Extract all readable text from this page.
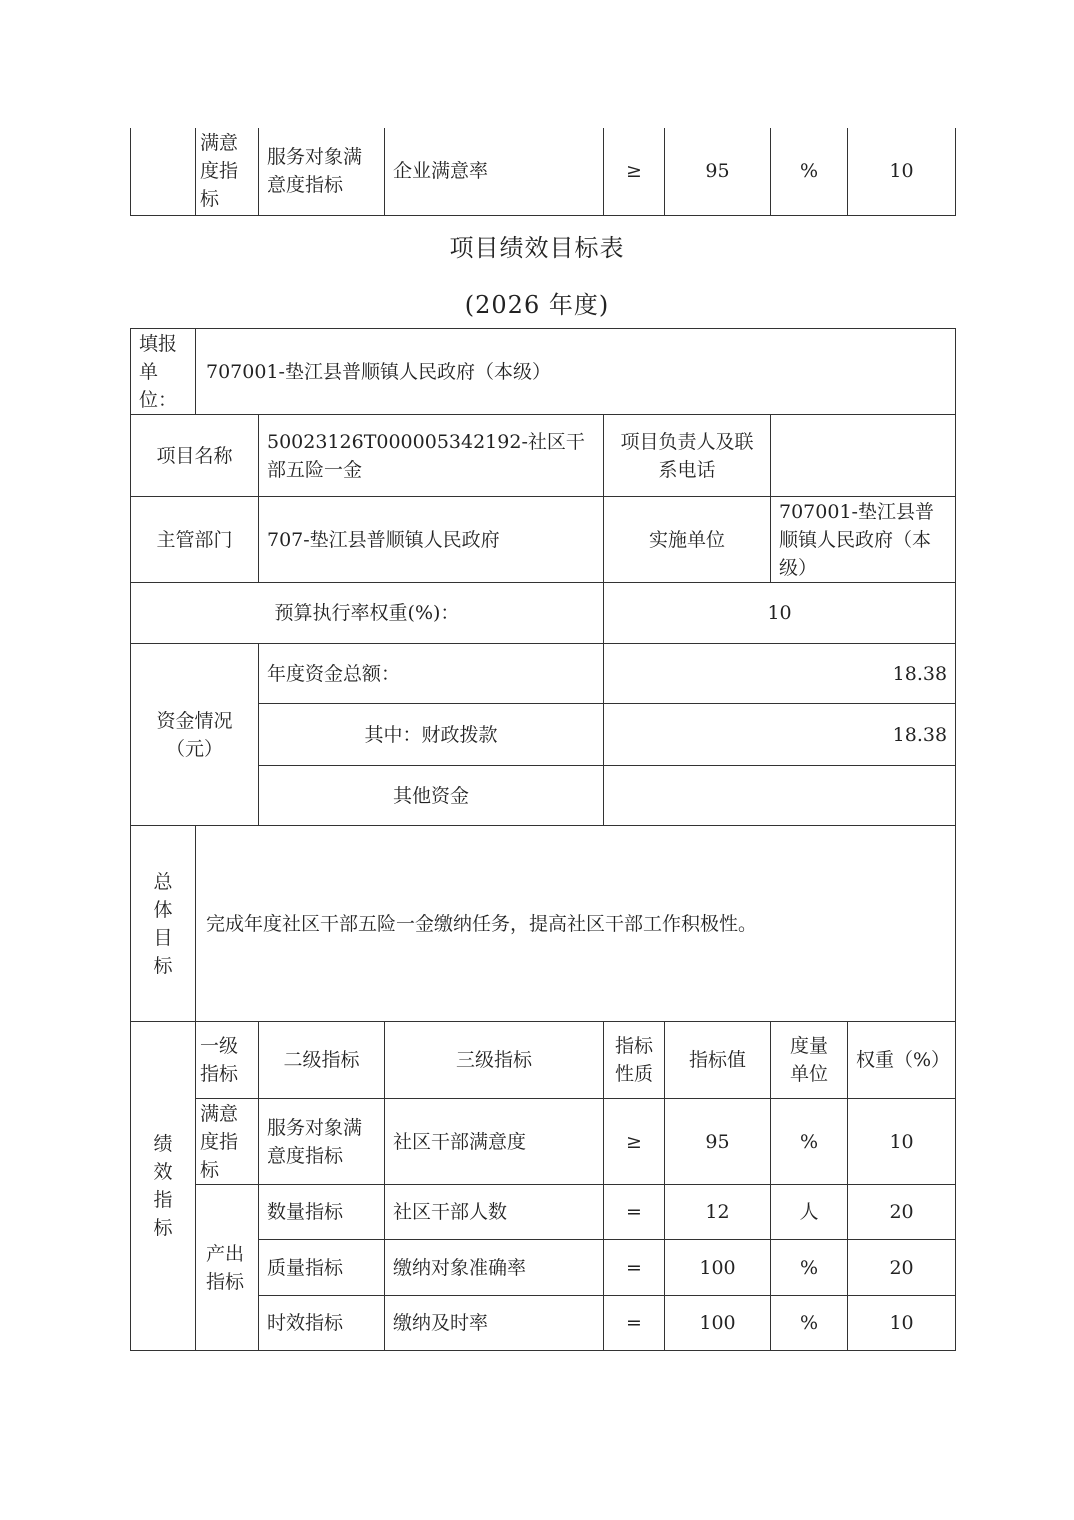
	满意度指标	服务对象满意度指标	企业满意率	≥	95	%	10
项目绩效目标表
(2026 年度)
填报单位：	707001-垫江县普顺镇人民政府（本级）						
项目名称		50023126T000005342192-社区干部五险一金		项目负责人及联系电话			
主管部门		707-垫江县普顺镇人民政府		实施单位		707001-垫江县普顺镇人民政府（本级）	
预算执行率权重(%)：				10			
资金情况（元）		年度资金总额：		18.38			
		其中：财政拨款		18.38			
		其他资金					
总体目标	完成年度社区干部五险一金缴纳任务，提高社区干部工作积极性。						
绩效指标	一级指标	二级指标	三级指标	指标性质	指标值	度量单位	权重（%）
	满意度指标	服务对象满意度指标	社区干部满意度	≥	95	%	10
	产出指标	数量指标	社区干部人数	=	12	人	20
		质量指标	缴纳对象准确率	=	100	%	20
		时效指标	缴纳及时率	=	100	%	10
